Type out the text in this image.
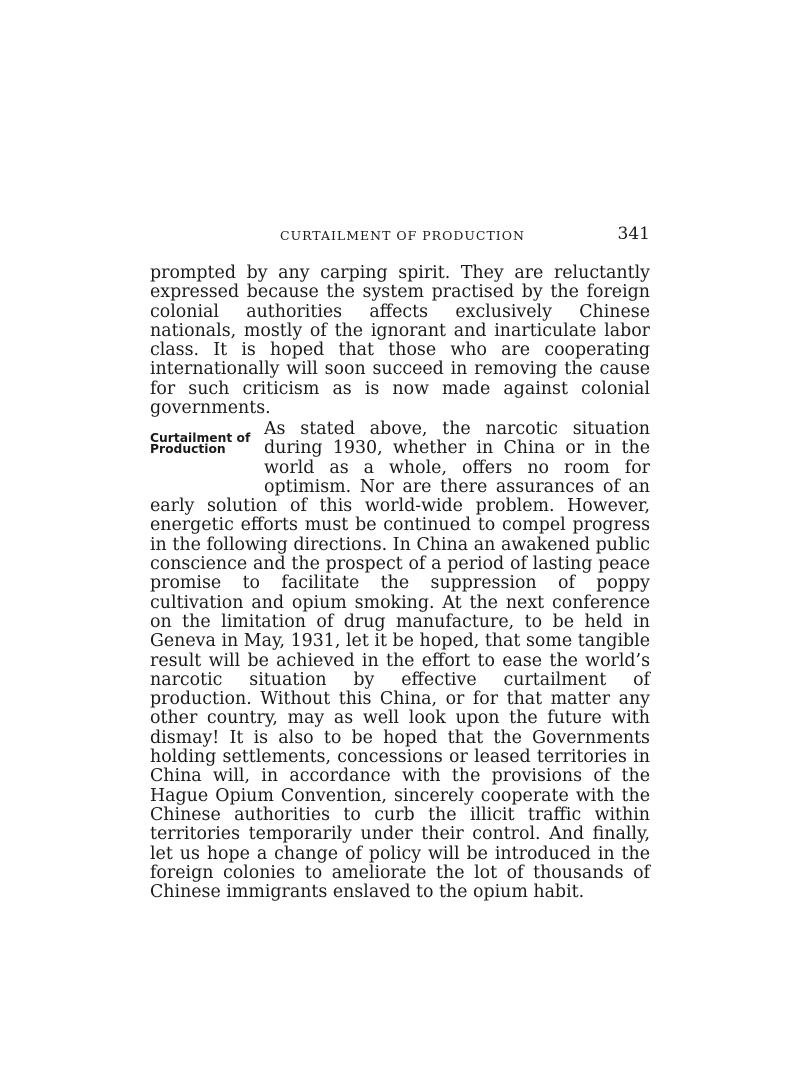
CURTAILMENT OF PRODUCTION	341

prompted by any carping spirit. They are reluctantly expressed because the system practised by the foreign colonial authorities affects exclusively Chinese nationals, mostly of the ignorant and inarticulate labor class. It is hoped that those who are cooperating internationally will soon succeed in removing the cause for such criticism as is now made against colonial governments.

Curtailment of
Production
As stated above, the narcotic situation during 1930, whether in China or in the world as a whole, offers no room for optimism. Nor are there assurances of an early solution of this world-wide problem. However, energetic efforts must be continued to compel progress in the following directions. In China an awakened public conscience and the prospect of a period of lasting peace promise to facilitate the suppression of poppy cultivation and opium smoking. At the next conference on the limitation of drug manufacture, to be held in Geneva in May, 1931, let it be hoped, that some tangible result will be achieved in the effort to ease the world’s narcotic situation by effective curtailment of production. Without this China, or for that matter any other country, may as well look upon the future with dismay! It is also to be hoped that the Governments holding settlements, concessions or leased territories in China will, in accordance with the provisions of the Hague Opium Convention, sincerely cooperate with the Chinese authorities to curb the illicit traffic within territories temporarily under their control. And finally, let us hope a change of policy will be introduced in the foreign colonies to ameliorate the lot of thousands of Chinese immigrants enslaved to the opium habit.
